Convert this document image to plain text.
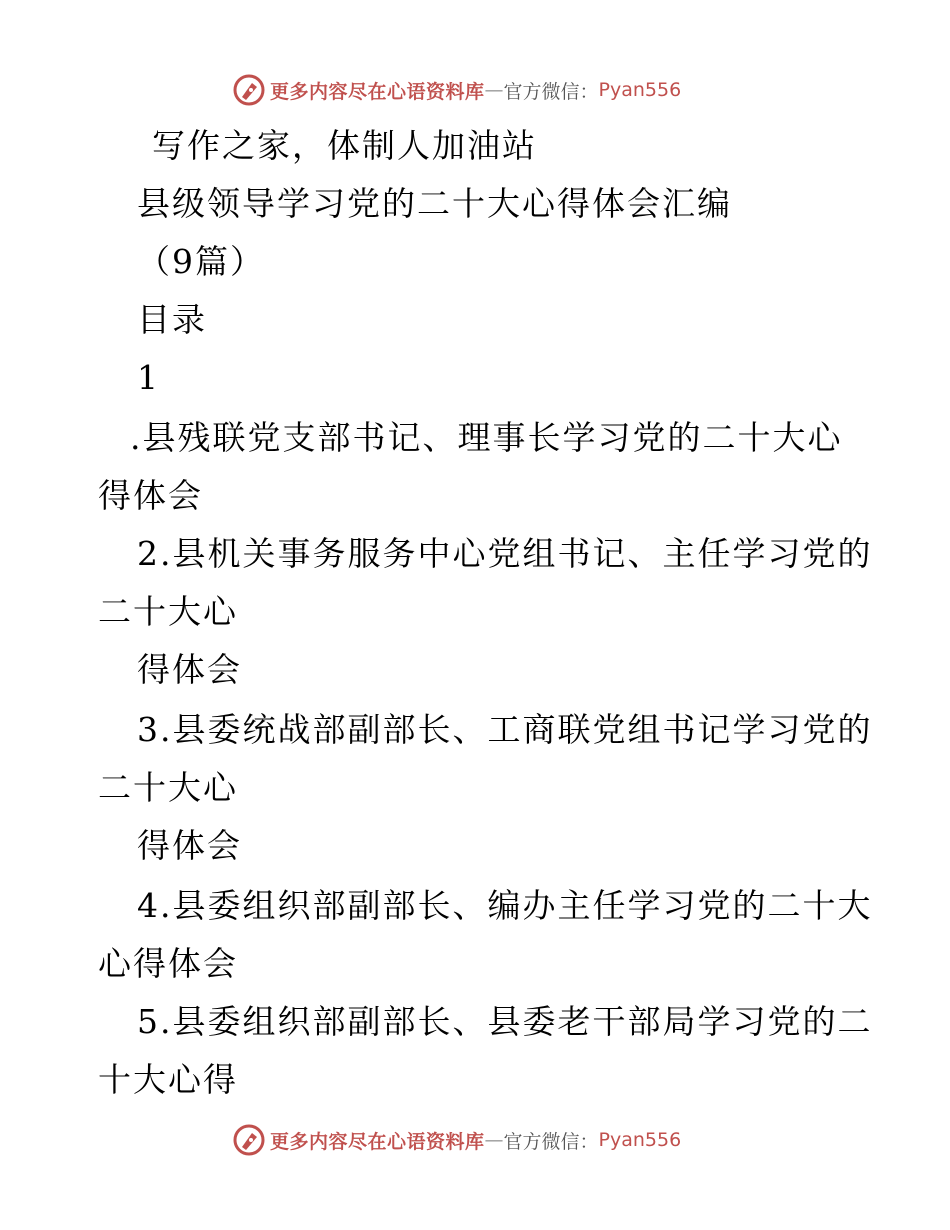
更多内容尽在心语资料库 — 官方微信： Pyan556
写作之家，体制人加油站
县级领导学习党的二十大心得体会汇编
（9篇）
目录
1
.县残联党支部书记、理事长学习党的二十大心
得体会
2.县机关事务服务中心党组书记、主任学习党的
二十大心
得体会
3.县委统战部副部长、工商联党组书记学习党的
二十大心
得体会
4.县委组织部副部长、编办主任学习党的二十大
心得体会
5.县委组织部副部长、县委老干部局学习党的二
十大心得
更多内容尽在心语资料库 — 官方微信： Pyan556
